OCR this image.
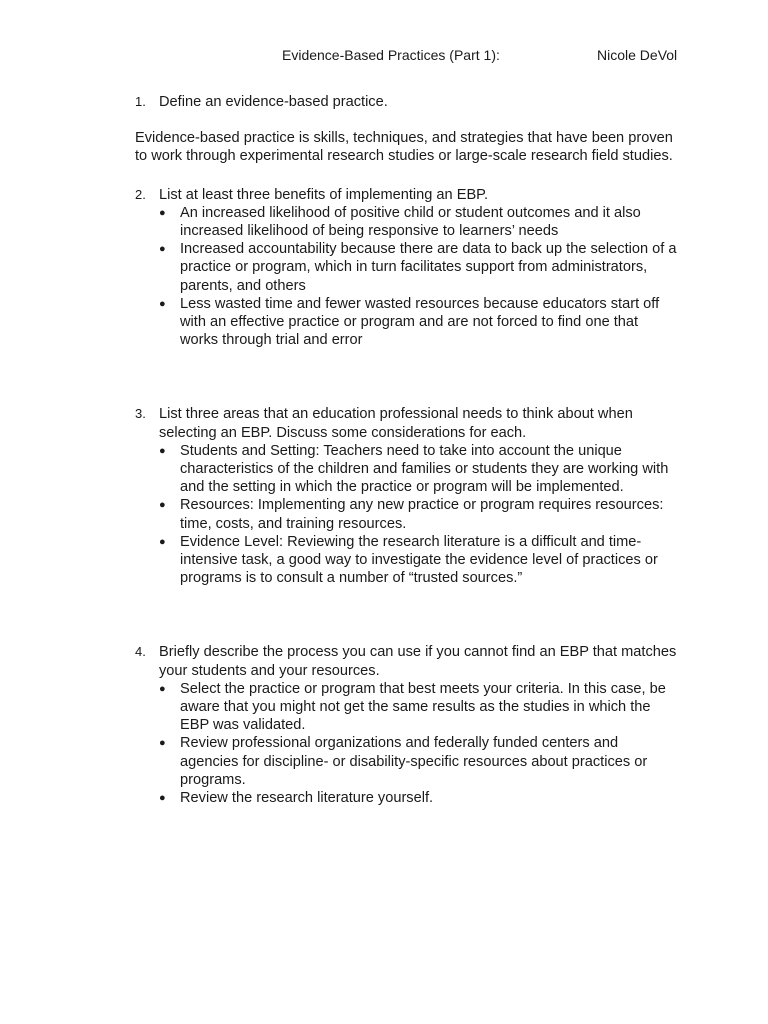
Evidence-Based Practices (Part 1):	Nicole DeVol
1. Define an evidence-based practice.

Evidence-based practice is skills, techniques, and strategies that have been proven to work through experimental research studies or large-scale research field studies.

2. List at least three benefits of implementing an EBP.
● An increased likelihood of positive child or student outcomes and it also increased likelihood of being responsive to learners’ needs
● Increased accountability because there are data to back up the selection of a practice or program, which in turn facilitates support from administrators, parents, and others
● Less wasted time and fewer wasted resources because educators start off with an effective practice or program and are not forced to find one that works through trial and error
3. List three areas that an education professional needs to think about when selecting an EBP. Discuss some considerations for each.
● Students and Setting: Teachers need to take into account the unique characteristics of the children and families or students they are working with and the setting in which the practice or program will be implemented.
● Resources: Implementing any new practice or program requires resources: time, costs, and training resources.
● Evidence Level: Reviewing the research literature is a difficult and time-intensive task, a good way to investigate the evidence level of practices or programs is to consult a number of “trusted sources.”
4. Briefly describe the process you can use if you cannot find an EBP that matches your students and your resources.
● Select the practice or program that best meets your criteria. In this case, be aware that you might not get the same results as the studies in which the EBP was validated.
● Review professional organizations and federally funded centers and agencies for discipline- or disability-specific resources about practices or programs.
● Review the research literature yourself.
